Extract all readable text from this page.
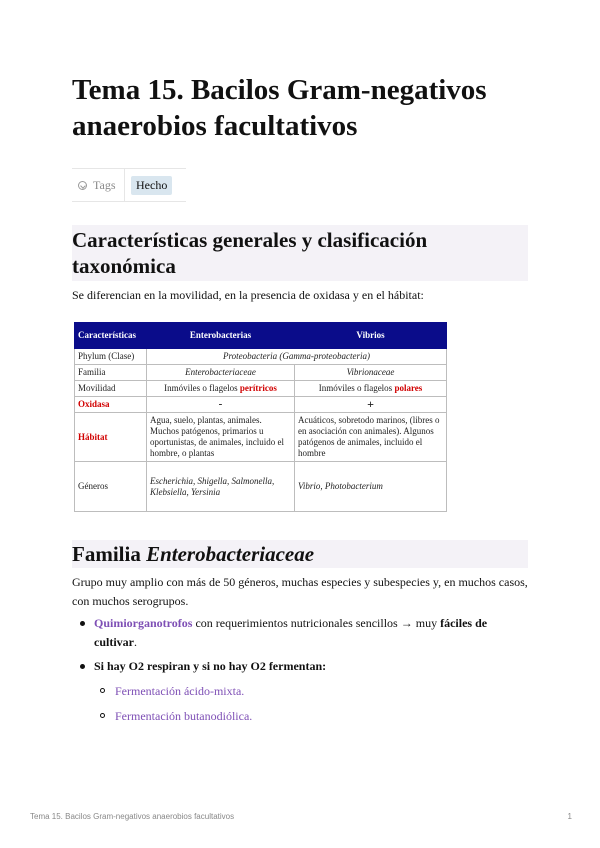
Tema 15. Bacilos Gram-negativos anaerobios facultativos
Tags	Hecho
Características generales y clasificación taxonómica

Se diferencian en la movilidad, en la presencia de oxidasa y en el hábitat:

Características	Enterobacterias	Vibrios
Phylum (Clase)	Proteobacteria (Gamma-proteobacteria)	
Familia	Enterobacteriaceae	Vibrionaceae
Movilidad	Inmóviles o flagelos perítricos	Inmóviles o flagelos polares
Oxidasa	-	+
Hábitat	Agua, suelo, plantas, animales. Muchos patógenos, primarios u oportunistas, de animales, incluido el hombre, o plantas	Acuáticos, sobretodo marinos, (libres o en asociación con animales). Algunos patógenos de animales, incluido el hombre
Géneros	Escherichia, Shigella, Salmonella, Klebsiella, Yersinia	Vibrio, Photobacterium
Familia Enterobacteriaceae

Grupo muy amplio con más de 50 géneros, muchas especies y subespecies y, en muchos casos, con muchos serogrupos.

Quimiorganotrofos con requerimientos nutricionales sencillos → muy fáciles de cultivar.
Si hay O2 respiran y si no hay O2 fermentan:
Fermentación ácido-mixta.
Fermentación butanodiólica.
Tema 15. Bacilos Gram-negativos anaerobios facultativos	1
